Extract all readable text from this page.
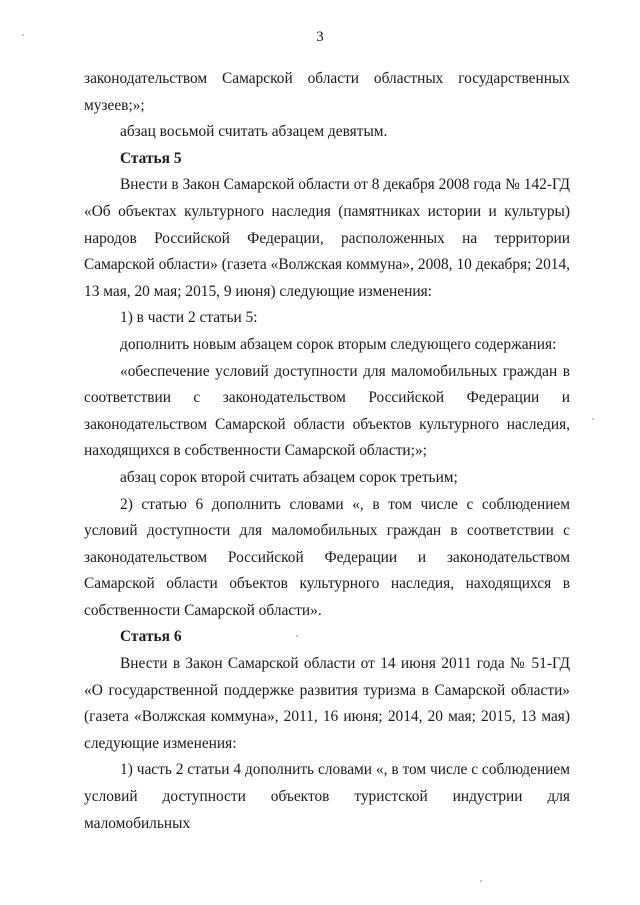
3

законодательством Самарской области областных государственных музеев;»;

абзац восьмой считать абзацем девятым.

Статья 5

Внести в Закон Самарской области от 8 декабря 2008 года № 142-ГД «Об объектах культурного наследия (памятниках истории и культуры) народов Российской Федерации, расположенных на территории Самарской области» (газета «Волжская коммуна», 2008, 10 декабря; 2014, 13 мая, 20 мая; 2015, 9 июня) следующие изменения:

1) в части 2 статьи 5:

дополнить новым абзацем сорок вторым следующего содержания:

«обеспечение условий доступности для маломобильных граждан в соответствии с законодательством Российской Федерации и законодательством Самарской области объектов культурного наследия, находящихся в собственности Самарской области;»;

абзац сорок второй считать абзацем сорок третьим;

2) статью 6 дополнить словами «, в том числе с соблюдением условий доступности для маломобильных граждан в соответствии с законодательством Российской Федерации и законодательством Самарской области объектов культурного наследия, находящихся в собственности Самарской области».

Статья 6

Внести в Закон Самарской области от 14 июня 2011 года № 51-ГД «О государственной поддержке развития туризма в Самарской области» (газета «Волжская коммуна», 2011, 16 июня; 2014, 20 мая; 2015, 13 мая) следующие изменения:

1) часть 2 статьи 4 дополнить словами «, в том числе с соблюдением условий доступности объектов туристской индустрии для маломобильных
